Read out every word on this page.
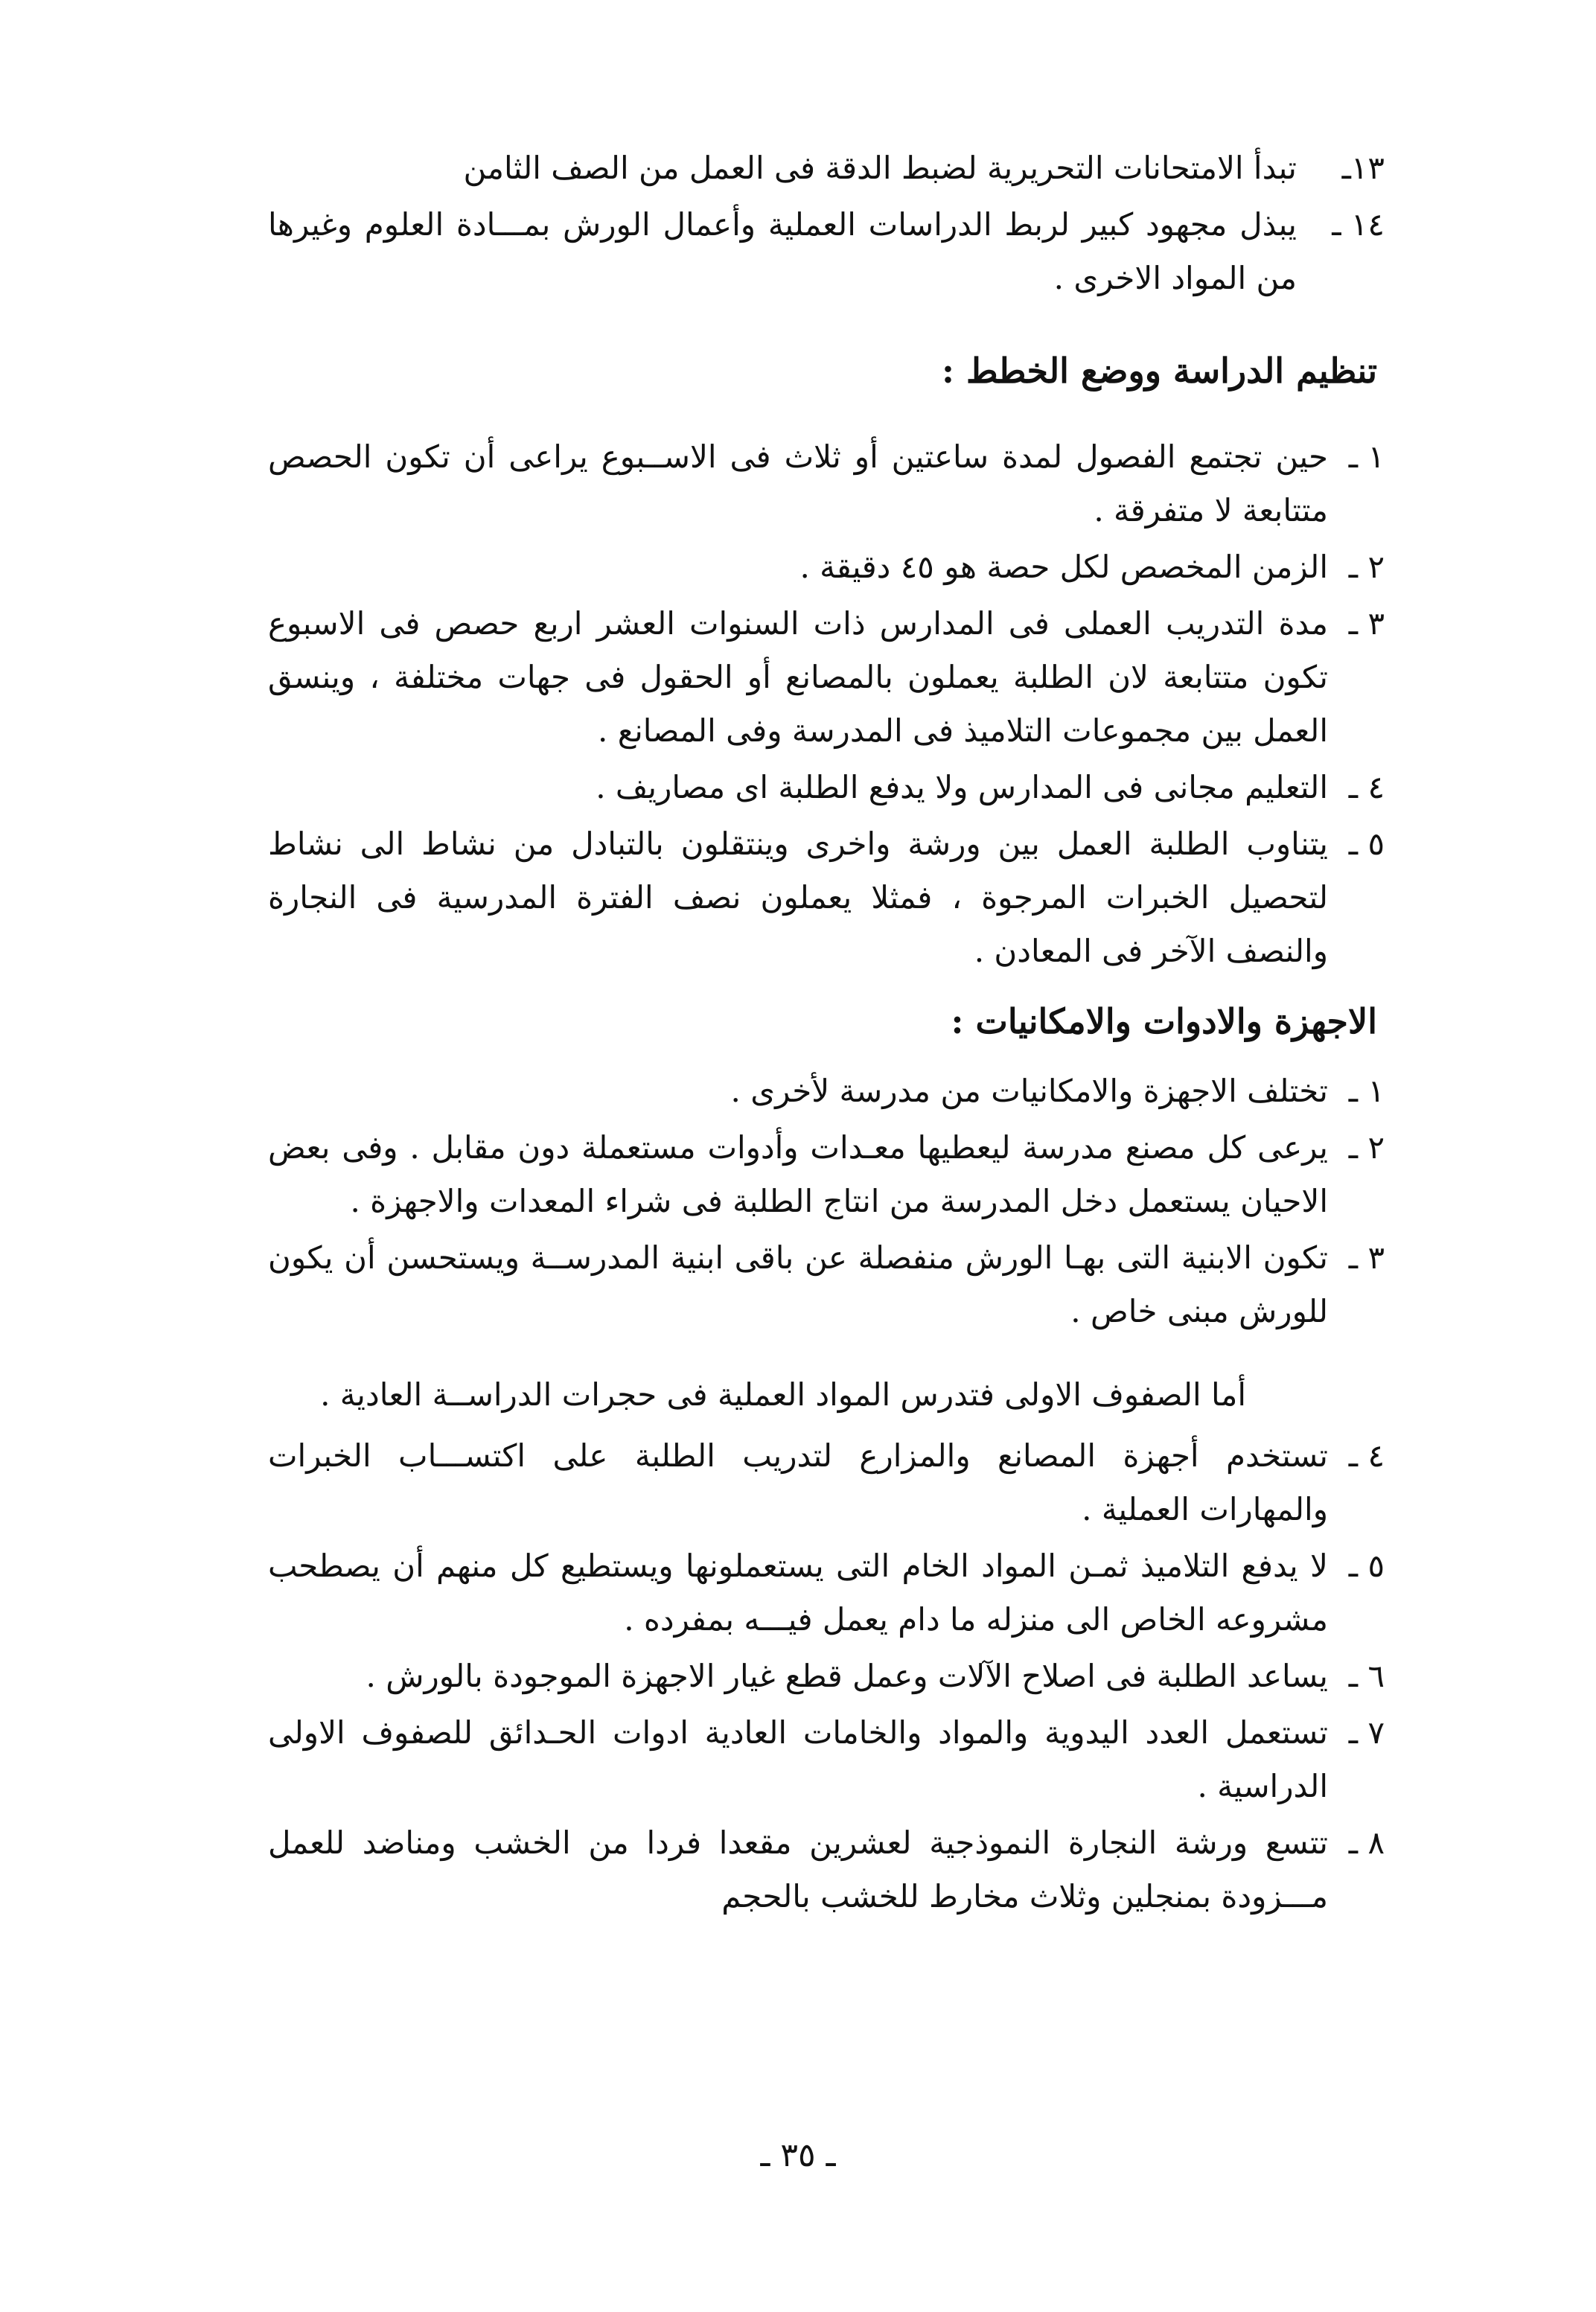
١٣ـ
تبدأ الامتحانات التحريرية لضبط الدقة فى العمل من الصف الثامن
١٤ ـ
يبذل مجهود كبير لربط الدراسات العملية وأعمال الورش بمـــادة العلوم وغيرها من المواد الاخرى .
تنظيم الدراسة ووضع الخطط :
١ ـ
حين تجتمع الفصول لمدة ساعتين أو ثلاث فى الاســبوع يراعى أن تكون الحصص متتابعة لا متفرقة .
٢ ـ
الزمن المخصص لكل حصة هو ٤٥ دقيقة .
٣ ـ
مدة التدريب العملى فى المدارس ذات السنوات العشر اربع حصص فى الاسبوع تكون متتابعة لان الطلبة يعملون بالمصانع أو الحقول فى جهات مختلفة ، وينسق العمل بين مجموعات التلاميذ فى المدرسة وفى المصانع .
٤ ـ
التعليم مجانى فى المدارس ولا يدفع الطلبة اى مصاريف .
٥ ـ
يتناوب الطلبة العمل بين ورشة واخرى وينتقلون بالتبادل من نشاط الى نشاط لتحصيل الخبرات المرجوة ، فمثلا يعملون نصف الفترة المدرسية فى النجارة والنصف الآخر فى المعادن .
الاجهزة والادوات والامكانيات :
١ ـ
تختلف الاجهزة والامكانيات من مدرسة لأخرى .
٢ ـ
يرعى كل مصنع مدرسة ليعطيها معـدات وأدوات مستعملة دون مقابل . وفى بعض الاحيان يستعمل دخل المدرسة من انتاج الطلبة فى شراء المعدات والاجهزة .
٣ ـ
تكون الابنية التى بهـا الورش منفصلة عن باقى ابنية المدرســة ويستحسن أن يكون للورش مبنى خاص .
أما الصفوف الاولى فتدرس المواد العملية فى حجرات الدراســة العادية .
٤ ـ
تستخدم أجهزة المصانع والمزارع لتدريب الطلبة على اكتســـاب الخبرات والمهارات العملية .
٥ ـ
لا يدفع التلاميذ ثمـن المواد الخام التى يستعملونها ويستطيع كل منهم أن يصطحب مشروعه الخاص الى منزله ما دام يعمل فيـــه بمفرده .
٦ ـ
يساعد الطلبة فى اصلاح الآلات وعمل قطع غيار الاجهزة الموجودة بالورش .
٧ ـ
تستعمل العدد اليدوية والمواد والخامات العادية ادوات الحـدائق للصفوف الاولى الدراسية .
٨ ـ
تتسع ورشة النجارة النموذجية لعشرين مقعدا فردا من الخشب ومناضد للعمل مـــزودة بمنجلين وثلاث مخارط للخشب بالحجم
ـ ٣٥ ـ
